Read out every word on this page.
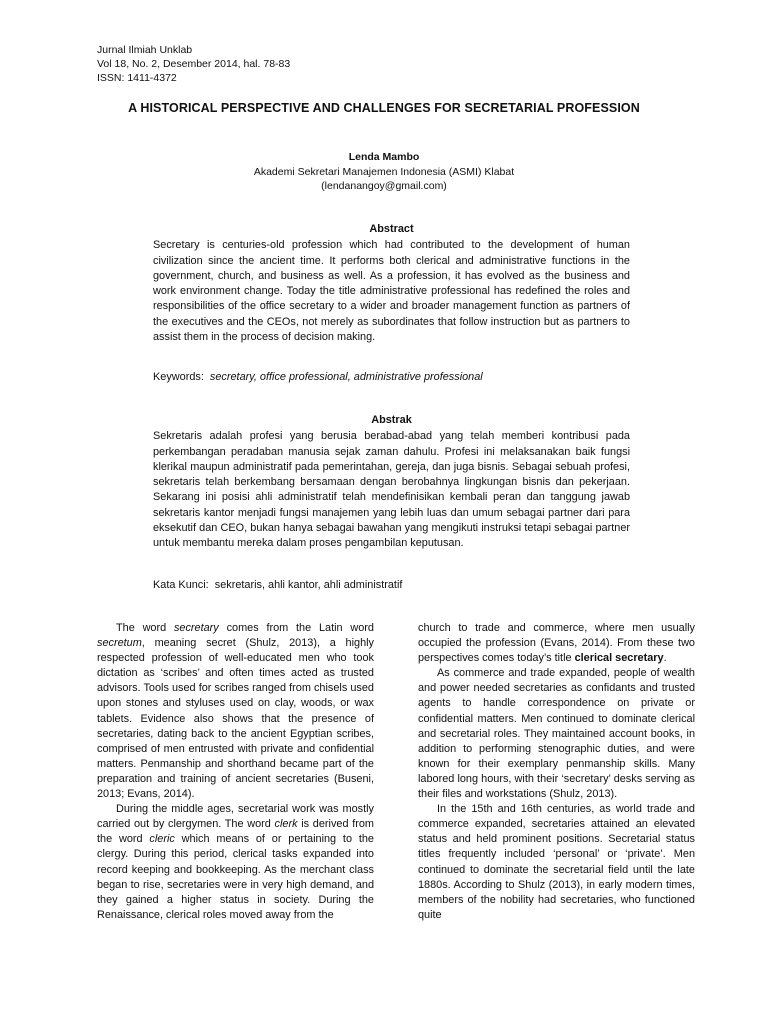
Jurnal Ilmiah Unklab
Vol 18, No. 2, Desember 2014, hal. 78-83
ISSN: 1411-4372
A HISTORICAL PERSPECTIVE AND CHALLENGES FOR SECRETARIAL PROFESSION
Lenda Mambo
Akademi Sekretari Manajemen Indonesia (ASMI) Klabat
(lendanangoy@gmail.com)
Abstract

Secretary is centuries-old profession which had contributed to the development of human civilization since the ancient time. It performs both clerical and administrative functions in the government, church, and business as well. As a profession, it has evolved as the business and work environment change. Today the title administrative professional has redefined the roles and responsibilities of the office secretary to a wider and broader management function as partners of the executives and the CEOs, not merely as subordinates that follow instruction but as partners to assist them in the process of decision making.

Keywords: secretary, office professional, administrative professional
Abstrak

Sekretaris adalah profesi yang berusia berabad-abad yang telah memberi kontribusi pada perkembangan peradaban manusia sejak zaman dahulu. Profesi ini melaksanakan baik fungsi klerikal maupun administratif pada pemerintahan, gereja, dan juga bisnis. Sebagai sebuah profesi, sekretaris telah berkembang bersamaan dengan berobahnya lingkungan bisnis dan pekerjaan. Sekarang ini posisi ahli administratif telah mendefinisikan kembali peran dan tanggung jawab sekretaris kantor menjadi fungsi manajemen yang lebih luas dan umum sebagai partner dari para eksekutif dan CEO, bukan hanya sebagai bawahan yang mengikuti instruksi tetapi sebagai partner untuk membantu mereka dalam proses pengambilan keputusan.

Kata Kunci: sekretaris, ahli kantor, ahli administratif

The word secretary comes from the Latin word secretum, meaning secret (Shulz, 2013), a highly respected profession of well-educated men who took dictation as ‘scribes’ and often times acted as trusted advisors. Tools used for scribes ranged from chisels used upon stones and styluses used on clay, woods, or wax tablets. Evidence also shows that the presence of secretaries, dating back to the ancient Egyptian scribes, comprised of men entrusted with private and confidential matters. Penmanship and shorthand became part of the preparation and training of ancient secretaries (Buseni, 2013; Evans, 2014).

During the middle ages, secretarial work was mostly carried out by clergymen. The word clerk is derived from the word cleric which means of or pertaining to the clergy. During this period, clerical tasks expanded into record keeping and bookkeeping. As the merchant class began to rise, secretaries were in very high demand, and they gained a higher status in society. During the Renaissance, clerical roles moved away from the

church to trade and commerce, where men usually occupied the profession (Evans, 2014). From these two perspectives comes today’s title clerical secretary.

As commerce and trade expanded, people of wealth and power needed secretaries as confidants and trusted agents to handle correspondence on private or confidential matters. Men continued to dominate clerical and secretarial roles. They maintained account books, in addition to performing stenographic duties, and were known for their exemplary penmanship skills. Many labored long hours, with their ‘secretary’ desks serving as their files and workstations (Shulz, 2013).

In the 15th and 16th centuries, as world trade and commerce expanded, secretaries attained an elevated status and held prominent positions. Secretarial status titles frequently included ‘personal’ or ‘private’. Men continued to dominate the secretarial field until the late 1880s. According to Shulz (2013), in early modern times, members of the nobility had secretaries, who functioned quite
